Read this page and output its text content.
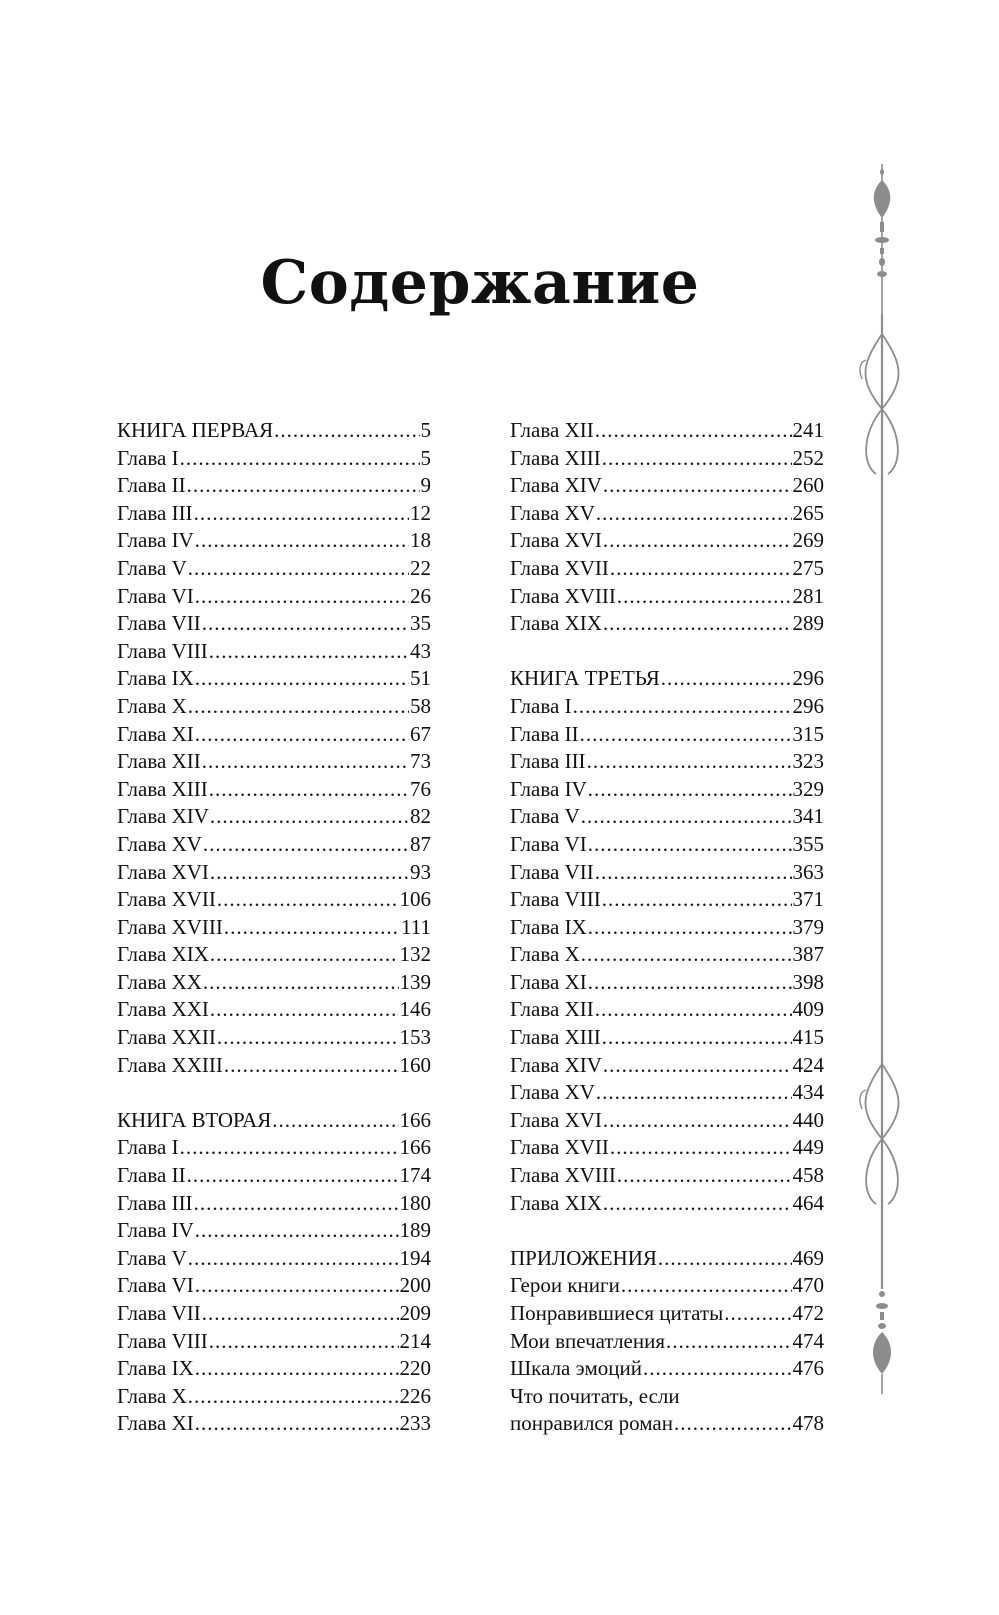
Содержание
КНИГА ПЕРВАЯ .....	5
Глава I .....	5
Глава II .....	9
Глава III .....	12
Глава IV .....	18
Глава V .....	22
Глава VI .....	26
Глава VII .....	35
Глава VIII .....	43
Глава IX .....	51
Глава X .....	58
Глава XI .....	67
Глава XII .....	73
Глава XIII .....	76
Глава XIV .....	82
Глава XV .....	87
Глава XVI .....	93
Глава XVII .....	106
Глава XVIII .....	111
Глава XIX .....	132
Глава XX .....	139
Глава XXI .....	146
Глава XXII .....	153
Глава XXIII .....	160
КНИГА ВТОРАЯ .....	166
Глава I .....	166
Глава II .....	174
Глава III .....	180
Глава IV .....	189
Глава V .....	194
Глава VI .....	200
Глава VII .....	209
Глава VIII .....	214
Глава IX .....	220
Глава X .....	226
Глава XI .....	233
Глава XII .....	241
Глава XIII .....	252
Глава XIV .....	260
Глава XV .....	265
Глава XVI .....	269
Глава XVII .....	275
Глава XVIII .....	281
Глава XIX .....	289
КНИГА ТРЕТЬЯ .....	296
Глава I .....	296
Глава II .....	315
Глава III .....	323
Глава IV .....	329
Глава V .....	341
Глава VI .....	355
Глава VII .....	363
Глава VIII .....	371
Глава IX .....	379
Глава X .....	387
Глава XI .....	398
Глава XII .....	409
Глава XIII .....	415
Глава XIV .....	424
Глава XV .....	434
Глава XVI .....	440
Глава XVII .....	449
Глава XVIII .....	458
Глава XIX .....	464
ПРИЛОЖЕНИЯ .....	469
Герои книги .....	470
Понравившиеся цитаты .....	472
Мои впечатления .....	474
Шкала эмоций .....	476
Что почитать, если
понравился роман .....	478
